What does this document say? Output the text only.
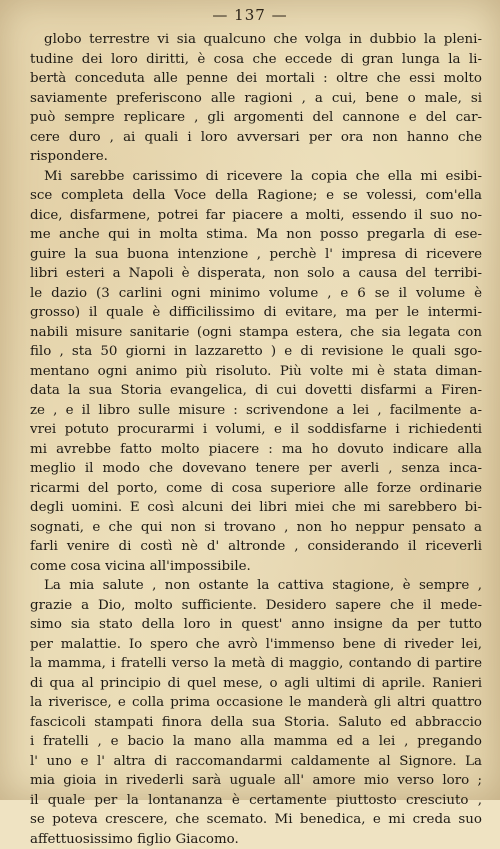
— 137 —
globo terrestre vi sia qualcuno che volga in dubbio la pleni-
tudine dei loro diritti, è cosa che eccede di gran lunga la li-
bertà conceduta alle penne dei mortali : oltre che essi molto
saviamente preferiscono alle ragioni , a cui, bene o male, si
può sempre replicare , gli argomenti del cannone e del car-
cere duro , ai quali i loro avversari per ora non hanno che
rispondere.
Mi sarebbe carissimo di ricevere la copia che ella mi esibi-
sce completa della Voce della Ragione; e se volessi, com'ella
dice, disfarmene, potrei far piacere a molti, essendo il suo no-
me anche qui in molta stima. Ma non posso pregarla di ese-
guire la sua buona intenzione , perchè l' impresa di ricevere
libri esteri a Napoli è disperata, non solo a causa del terribi-
le dazio (3 carlini ogni minimo volume , e 6 se il volume è
grosso) il quale è difficilissimo di evitare, ma per le intermi-
nabili misure sanitarie (ogni stampa estera, che sia legata con
filo , sta 50 giorni in lazzaretto ) e di revisione le quali sgo-
mentano ogni animo più risoluto. Più volte mi è stata diman-
data la sua Storia evangelica, di cui dovetti disfarmi a Firen-
ze , e il libro sulle misure : scrivendone a lei , facilmente a-
vrei potuto procurarmi i volumi, e il soddisfarne i richiedenti
mi avrebbe fatto molto piacere : ma ho dovuto indicare alla
meglio il modo che dovevano tenere per averli , senza inca-
ricarmi del porto, come di cosa superiore alle forze ordinarie
degli uomini. E così alcuni dei libri miei che mi sarebbero bi-
sognati, e che qui non si trovano , non ho neppur pensato a
farli venire di costì nè d' altronde , considerando il riceverli
come cosa vicina all'impossibile.
La mia salute , non ostante la cattiva stagione, è sempre ,
grazie a Dio, molto sufficiente. Desidero sapere che il mede-
simo sia stato della loro in quest' anno insigne da per tutto
per malattie. Io spero che avrò l'immenso bene di riveder lei,
la mamma, i fratelli verso la metà di maggio, contando di partire
di qua al principio di quel mese, o agli ultimi di aprile. Ranieri
la riverisce, e colla prima occasione le manderà gli altri quattro
fascicoli stampati finora della sua Storia. Saluto ed abbraccio
i fratelli , e bacio la mano alla mamma ed a lei , pregando
l' uno e l' altra di raccomandarmi caldamente al Signore. La
mia gioia in rivederli sarà uguale all' amore mio verso loro ;
il quale per la lontananza è certamente piuttosto cresciuto ,
se poteva crescere, che scemato. Mi benedica, e mi creda suo
affettuosissimo figlio Giacomo.
